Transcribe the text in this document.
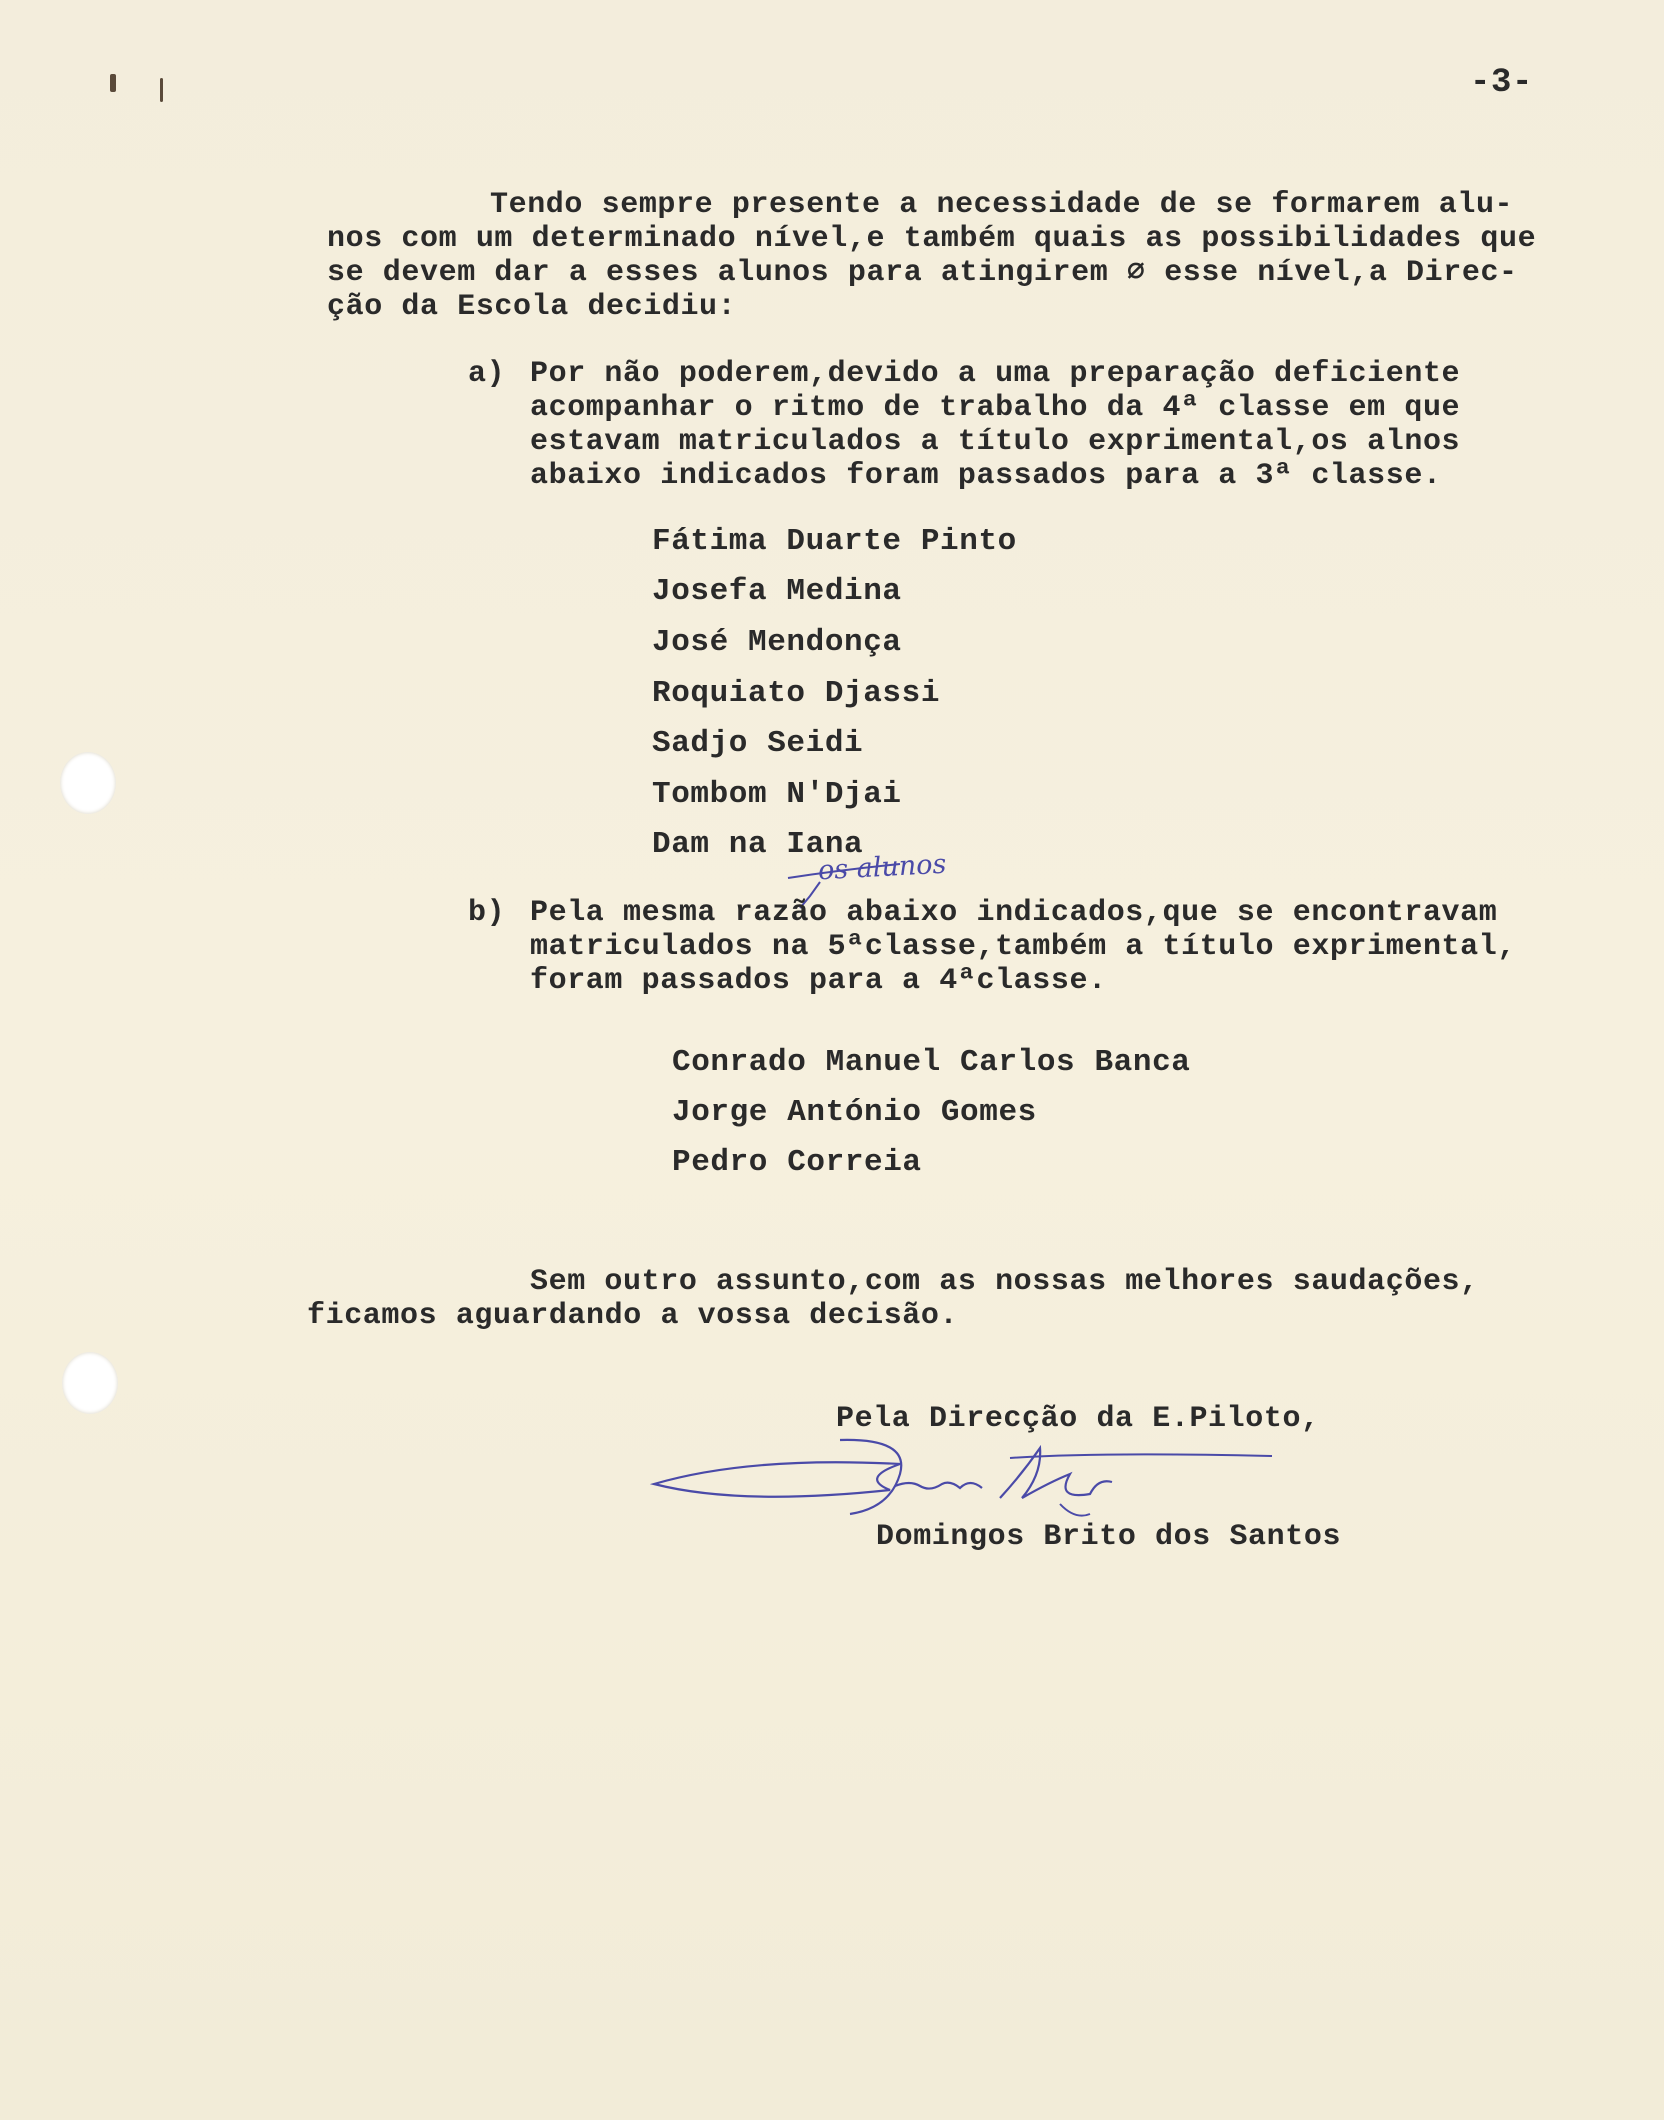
-3-
Tendo sempre presente a necessidade de se formarem alu-
nos com um determinado nível,e também quais as possibilidades que
se devem dar a esses alunos para atingirem ∅ esse nível,a Direc-
ção da Escola decidiu:
a) Por não poderem,devido a uma preparação deficiente
acompanhar o ritmo de trabalho da 4ª classe em que
estavam matriculados a título exprimental,os alnos
abaixo indicados foram passados para a 3ª classe.
Fátima Duarte Pinto
Josefa Medina
José Mendonça
Roquiato Djassi
Sadjo Seidi
Tombom N'Djai
Dam na Iana
os alunos
b) Pela mesma razão abaixo indicados,que se encontravam
matriculados na 5ªclasse,também a título exprimental,
foram passados para a 4ªclasse.
Conrado Manuel Carlos Banca
Jorge António Gomes
Pedro Correia
Sem outro assunto,com as nossas melhores saudações,
ficamos aguardando a vossa decisão.
Pela Direcção da E.Piloto,
Domingos Brito dos Santos
